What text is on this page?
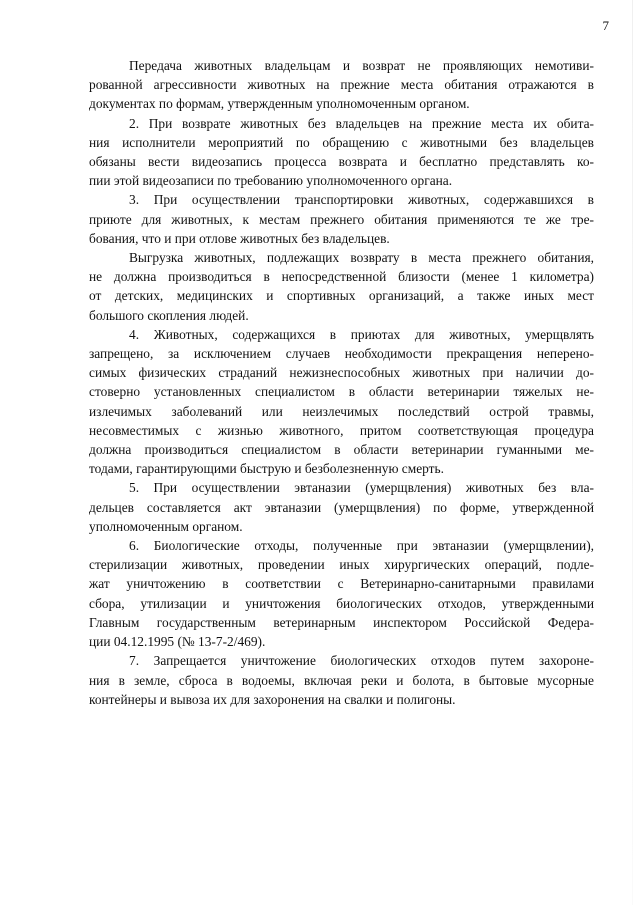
7
Передача животных владельцам и возврат не проявляющих немотиви-
рованной агрессивности животных на прежние места обитания отражаются в
документах по формам, утвержденным уполномоченным органом.
2. При возврате животных без владельцев на прежние места их обита-
ния исполнители мероприятий по обращению с животными без владельцев
обязаны вести видеозапись процесса возврата и бесплатно представлять ко-
пии этой видеозаписи по требованию уполномоченного органа.
3. При осуществлении транспортировки животных, содержавшихся в
приюте для животных, к местам прежнего обитания применяются те же тре-
бования, что и при отлове животных без владельцев.
Выгрузка животных, подлежащих возврату в места прежнего обитания,
не должна производиться в непосредственной близости (менее 1 километра)
от детских, медицинских и спортивных организаций, а также иных мест
большого скопления людей.
4. Животных, содержащихся в приютах для животных, умерщвлять
запрещено, за исключением случаев необходимости прекращения неперено-
симых физических страданий нежизнеспособных животных при наличии до-
стоверно установленных специалистом в области ветеринарии тяжелых не-
излечимых заболеваний или неизлечимых последствий острой травмы,
несовместимых с жизнью животного, притом соответствующая процедура
должна производиться специалистом в области ветеринарии гуманными ме-
тодами, гарантирующими быструю и безболезненную смерть.
5. При осуществлении эвтаназии (умерщвления) животных без вла-
дельцев составляется акт эвтаназии (умерщвления) по форме, утвержденной
уполномоченным органом.
6. Биологические отходы, полученные при эвтаназии (умерщвлении),
стерилизации животных, проведении иных хирургических операций, подле-
жат уничтожению в соответствии с Ветеринарно-санитарными правилами
сбора, утилизации и уничтожения биологических отходов, утвержденными
Главным государственным ветеринарным инспектором Российской Федера-
ции 04.12.1995 (№ 13-7-2/469).
7. Запрещается уничтожение биологических отходов путем захороне-
ния в земле, сброса в водоемы, включая реки и болота, в бытовые мусорные
контейнеры и вывоза их для захоронения на свалки и полигоны.
